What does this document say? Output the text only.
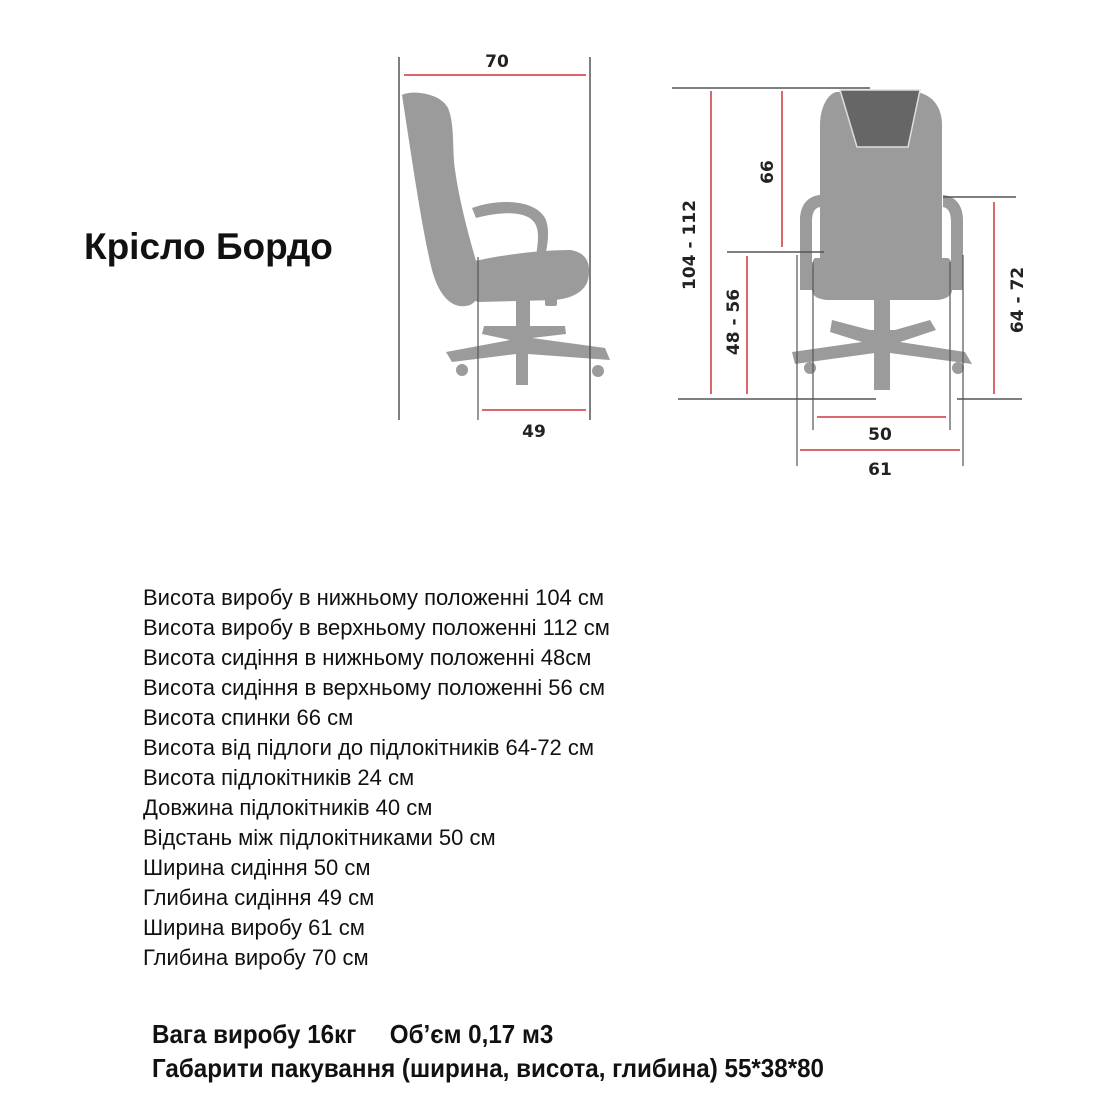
Крісло Бордо
70
49
104 - 112
66
48 - 56	64 - 72
50
61
Висота виробу в нижньому положенні 104 см
Висота виробу в верхньому положенні 112 см
Висота сидіння в нижньому положенні 48см
Висота сидіння в верхньому положенні 56 см
Висота спинки 66 см
Висота від підлоги до підлокітників 64-72 см
Висота підлокітників 24 см
Довжина підлокітників 40 см
Відстань між підлокітниками 50 см
Ширина сидіння 50 см
Глибина сидіння 49 см
Ширина виробу 61 см
Глибина виробу 70 см
Вага виробу 16кг Об’єм 0,17 м3
Габарити пакування (ширина, висота, глибина) 55*38*80
